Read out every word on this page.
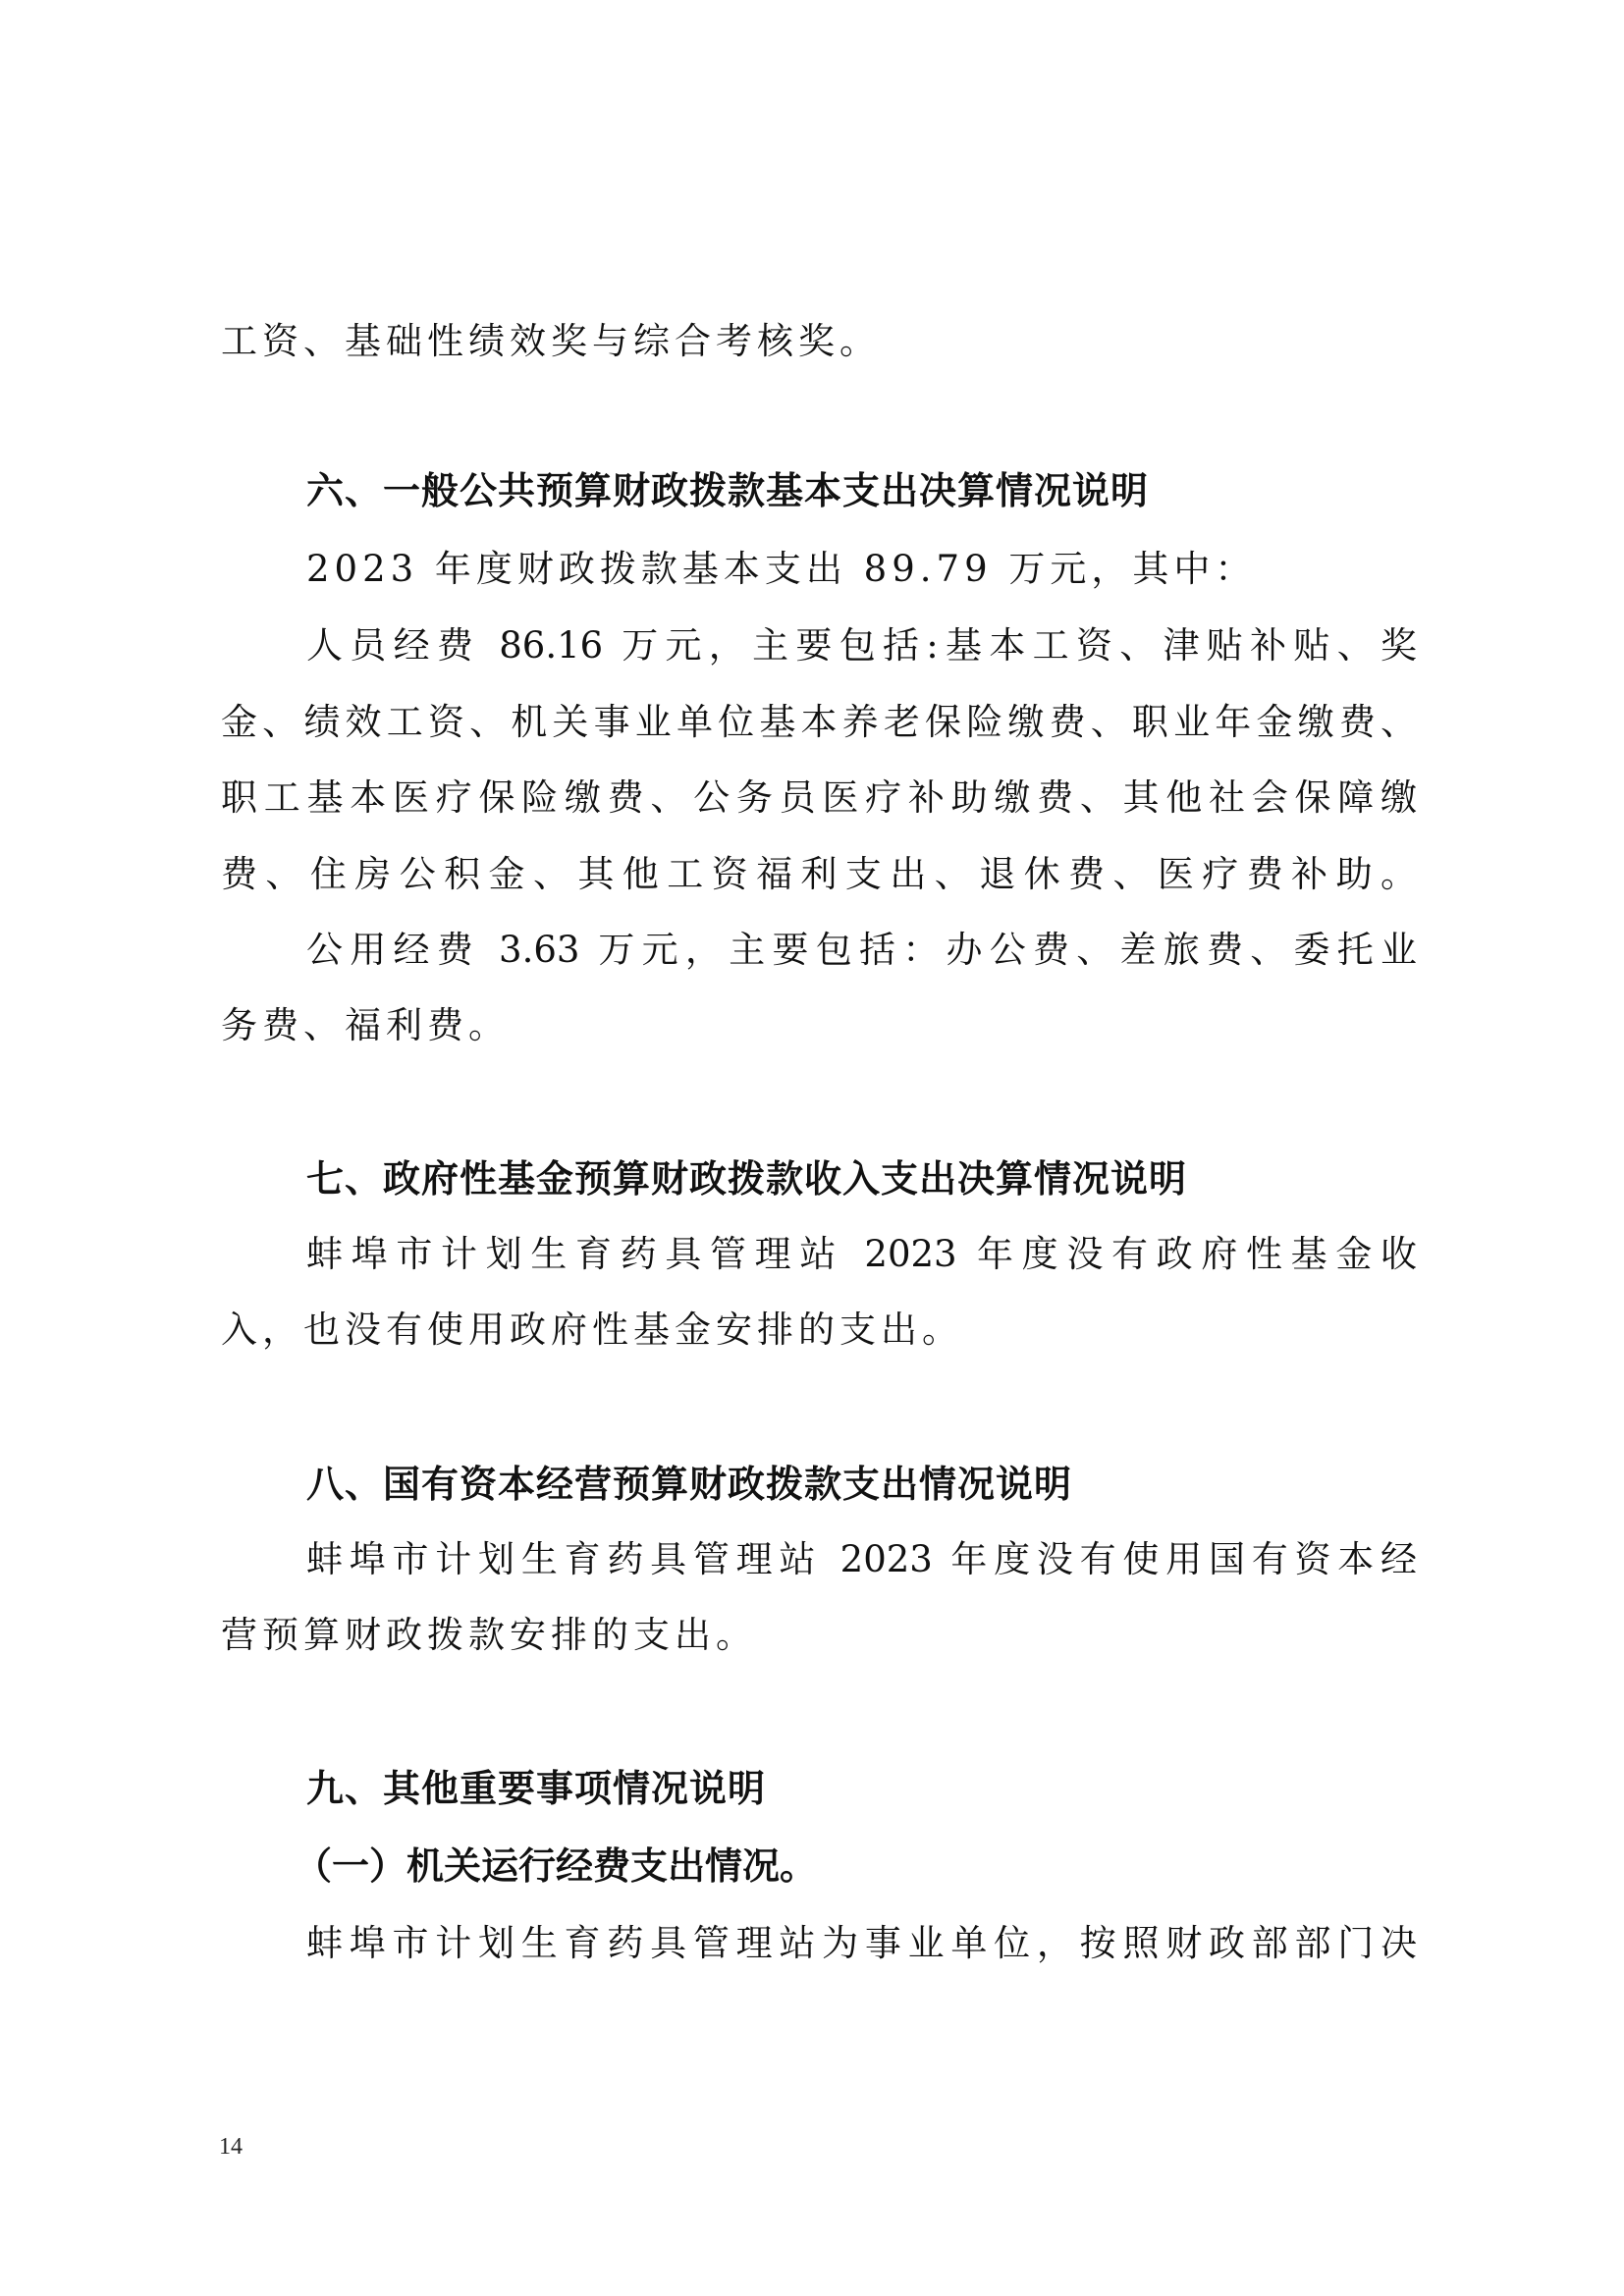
工资、基础性绩效奖与综合考核奖。
六、一般公共预算财政拨款基本支出决算情况说明
2023 年度财政拨款基本支出 89.79 万元，其中：
人员经费 86.16 万元，主要包括:基本工资、津贴补贴、奖
金、绩效工资、机关事业单位基本养老保险缴费、职业年金缴费、
职工基本医疗保险缴费、公务员医疗补助缴费、其他社会保障缴
费、住房公积金、其他工资福利支出、退休费、医疗费补助。
公用经费 3.63 万元，主要包括：办公费、差旅费、委托业
务费、福利费。
七、政府性基金预算财政拨款收入支出决算情况说明
蚌埠市计划生育药具管理站 2023 年度没有政府性基金收
入，也没有使用政府性基金安排的支出。
八、国有资本经营预算财政拨款支出情况说明
蚌埠市计划生育药具管理站 2023 年度没有使用国有资本经
营预算财政拨款安排的支出。
九、其他重要事项情况说明
（一）机关运行经费支出情况。
蚌埠市计划生育药具管理站为事业单位，按照财政部部门决
14
